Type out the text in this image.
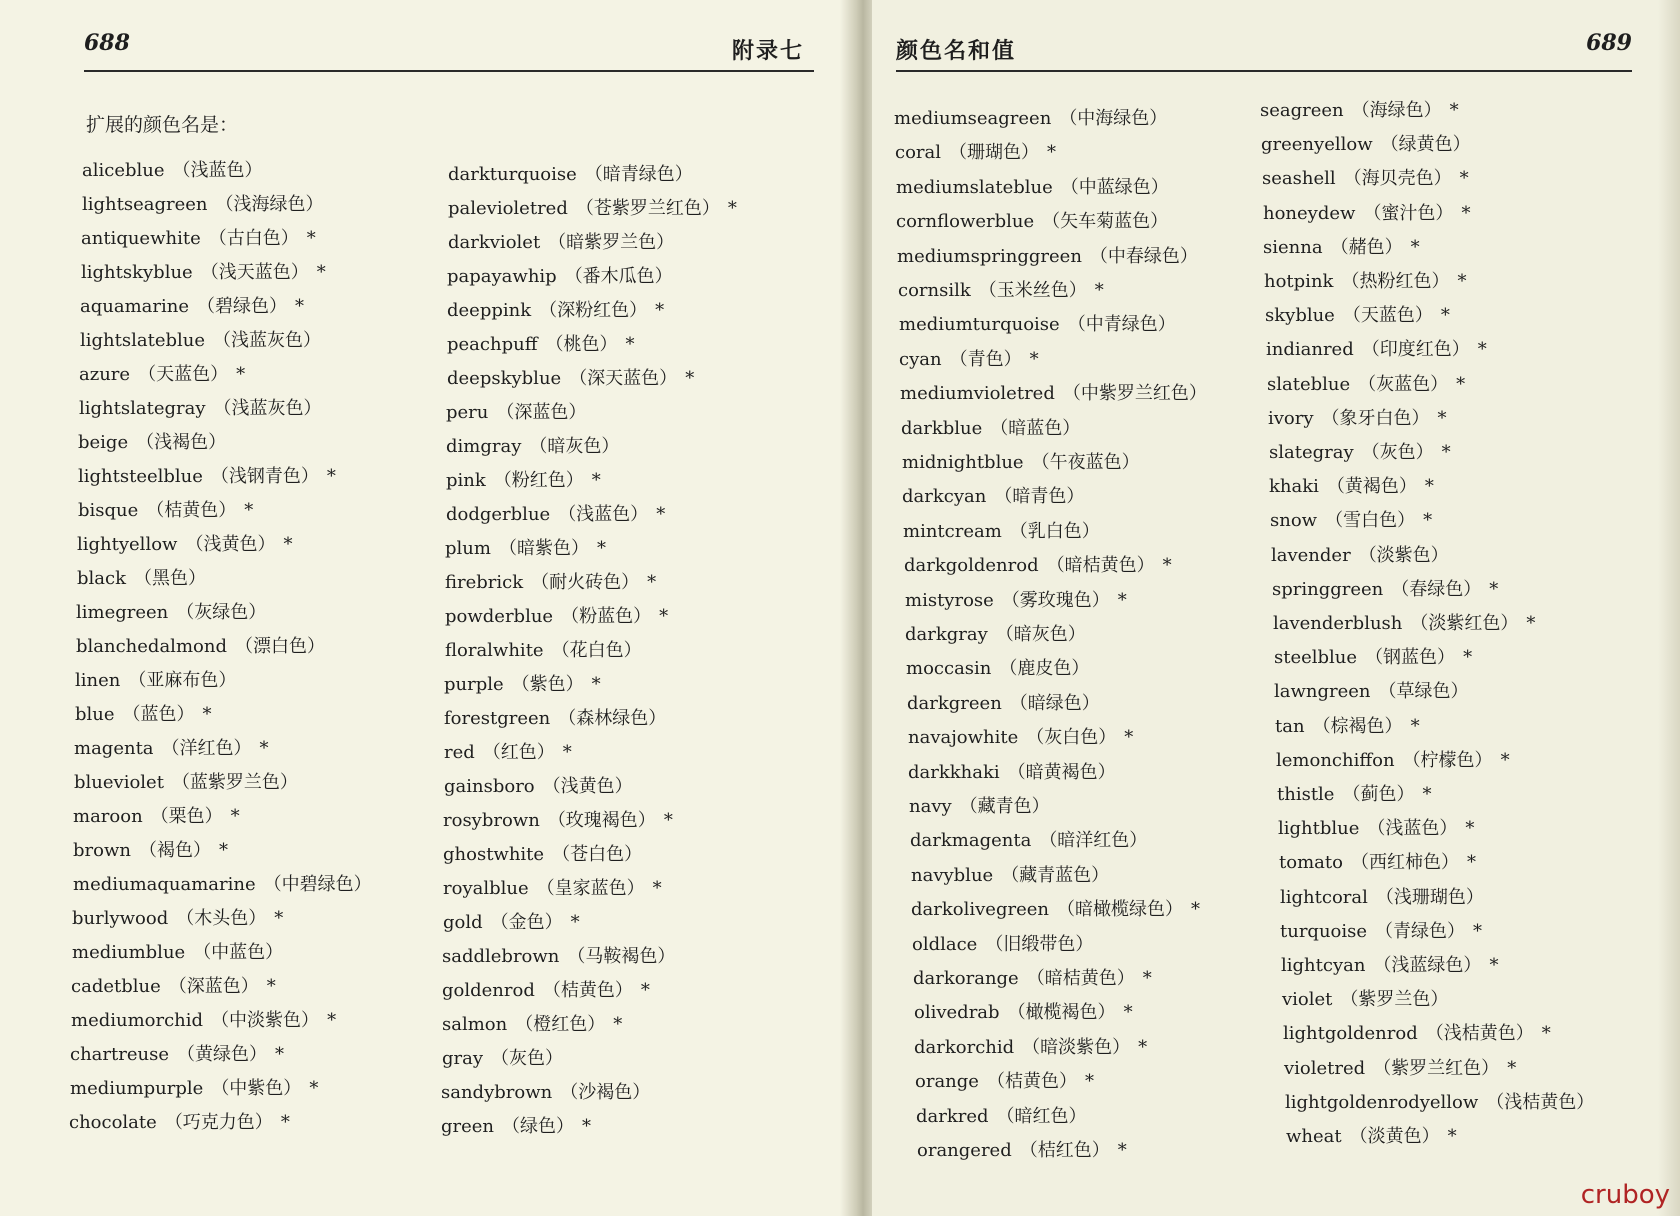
688	附录七
扩展的颜色名是：
aliceblue （浅蓝色）
lightseagreen （浅海绿色）
antiquewhite （古白色） *
lightskyblue （浅天蓝色） *
aquamarine （碧绿色） *
lightslateblue （浅蓝灰色）
azure （天蓝色） *
lightslategray （浅蓝灰色）
beige （浅褐色）
lightsteelblue （浅钢青色） *
bisque （桔黄色） *
lightyellow （浅黄色） *
black （黑色）
limegreen （灰绿色）
blanchedalmond （漂白色）
linen （亚麻布色）
blue （蓝色） *
magenta （洋红色） *
blueviolet （蓝紫罗兰色）
maroon （栗色） *
brown （褐色） *
mediumaquamarine （中碧绿色）
burlywood （木头色） *
mediumblue （中蓝色）
cadetblue （深蓝色） *
mediumorchid （中淡紫色） *
chartreuse （黄绿色） *
mediumpurple （中紫色） *
chocolate （巧克力色） *
darkturquoise （暗青绿色）
palevioletred （苍紫罗兰红色） *
darkviolet （暗紫罗兰色）
papayawhip （番木瓜色）
deeppink （深粉红色） *
peachpuff （桃色） *
deepskyblue （深天蓝色） *
peru （深蓝色）
dimgray （暗灰色）
pink （粉红色） *
dodgerblue （浅蓝色） *
plum （暗紫色） *
firebrick （耐火砖色） *
powderblue （粉蓝色） *
floralwhite （花白色）
purple （紫色） *
forestgreen （森林绿色）
red （红色） *
gainsboro （浅黄色）
rosybrown （玫瑰褐色） *
ghostwhite （苍白色）
royalblue （皇家蓝色） *
gold （金色） *
saddlebrown （马鞍褐色）
goldenrod （桔黄色） *
salmon （橙红色） *
gray （灰色）
sandybrown （沙褐色）
green （绿色） *
颜色名和值	689
mediumseagreen （中海绿色）
coral （珊瑚色） *
mediumslateblue （中蓝绿色）
cornflowerblue （矢车菊蓝色）
mediumspringgreen （中春绿色）
cornsilk （玉米丝色） *
mediumturquoise （中青绿色）
cyan （青色） *
mediumvioletred （中紫罗兰红色）
darkblue （暗蓝色）
midnightblue （午夜蓝色）
darkcyan （暗青色）
mintcream （乳白色）
darkgoldenrod （暗桔黄色） *
mistyrose （雾玫瑰色） *
darkgray （暗灰色）
moccasin （鹿皮色）
darkgreen （暗绿色）
navajowhite （灰白色） *
darkkhaki （暗黄褐色）
navy （藏青色）
darkmagenta （暗洋红色）
navyblue （藏青蓝色）
darkolivegreen （暗橄榄绿色） *
oldlace （旧缎带色）
darkorange （暗桔黄色） *
olivedrab （橄榄褐色） *
darkorchid （暗淡紫色） *
orange （桔黄色） *
darkred （暗红色）
orangered （桔红色） *
seagreen （海绿色） *
greenyellow （绿黄色）
seashell （海贝壳色） *
honeydew （蜜汁色） *
sienna （赭色） *
hotpink （热粉红色） *
skyblue （天蓝色） *
indianred （印度红色） *
slateblue （灰蓝色） *
ivory （象牙白色） *
slategray （灰色） *
khaki （黄褐色） *
snow （雪白色） *
lavender （淡紫色）
springgreen （春绿色） *
lavenderblush （淡紫红色） *
steelblue （钢蓝色） *
lawngreen （草绿色）
tan （棕褐色） *
lemonchiffon （柠檬色） *
thistle （蓟色） *
lightblue （浅蓝色） *
tomato （西红柿色） *
lightcoral （浅珊瑚色）
turquoise （青绿色） *
lightcyan （浅蓝绿色） *
violet （紫罗兰色）
lightgoldenrod （浅桔黄色） *
violetred （紫罗兰红色） *
lightgoldenrodyellow （浅桔黄色）
wheat （淡黄色） *
cruboy
